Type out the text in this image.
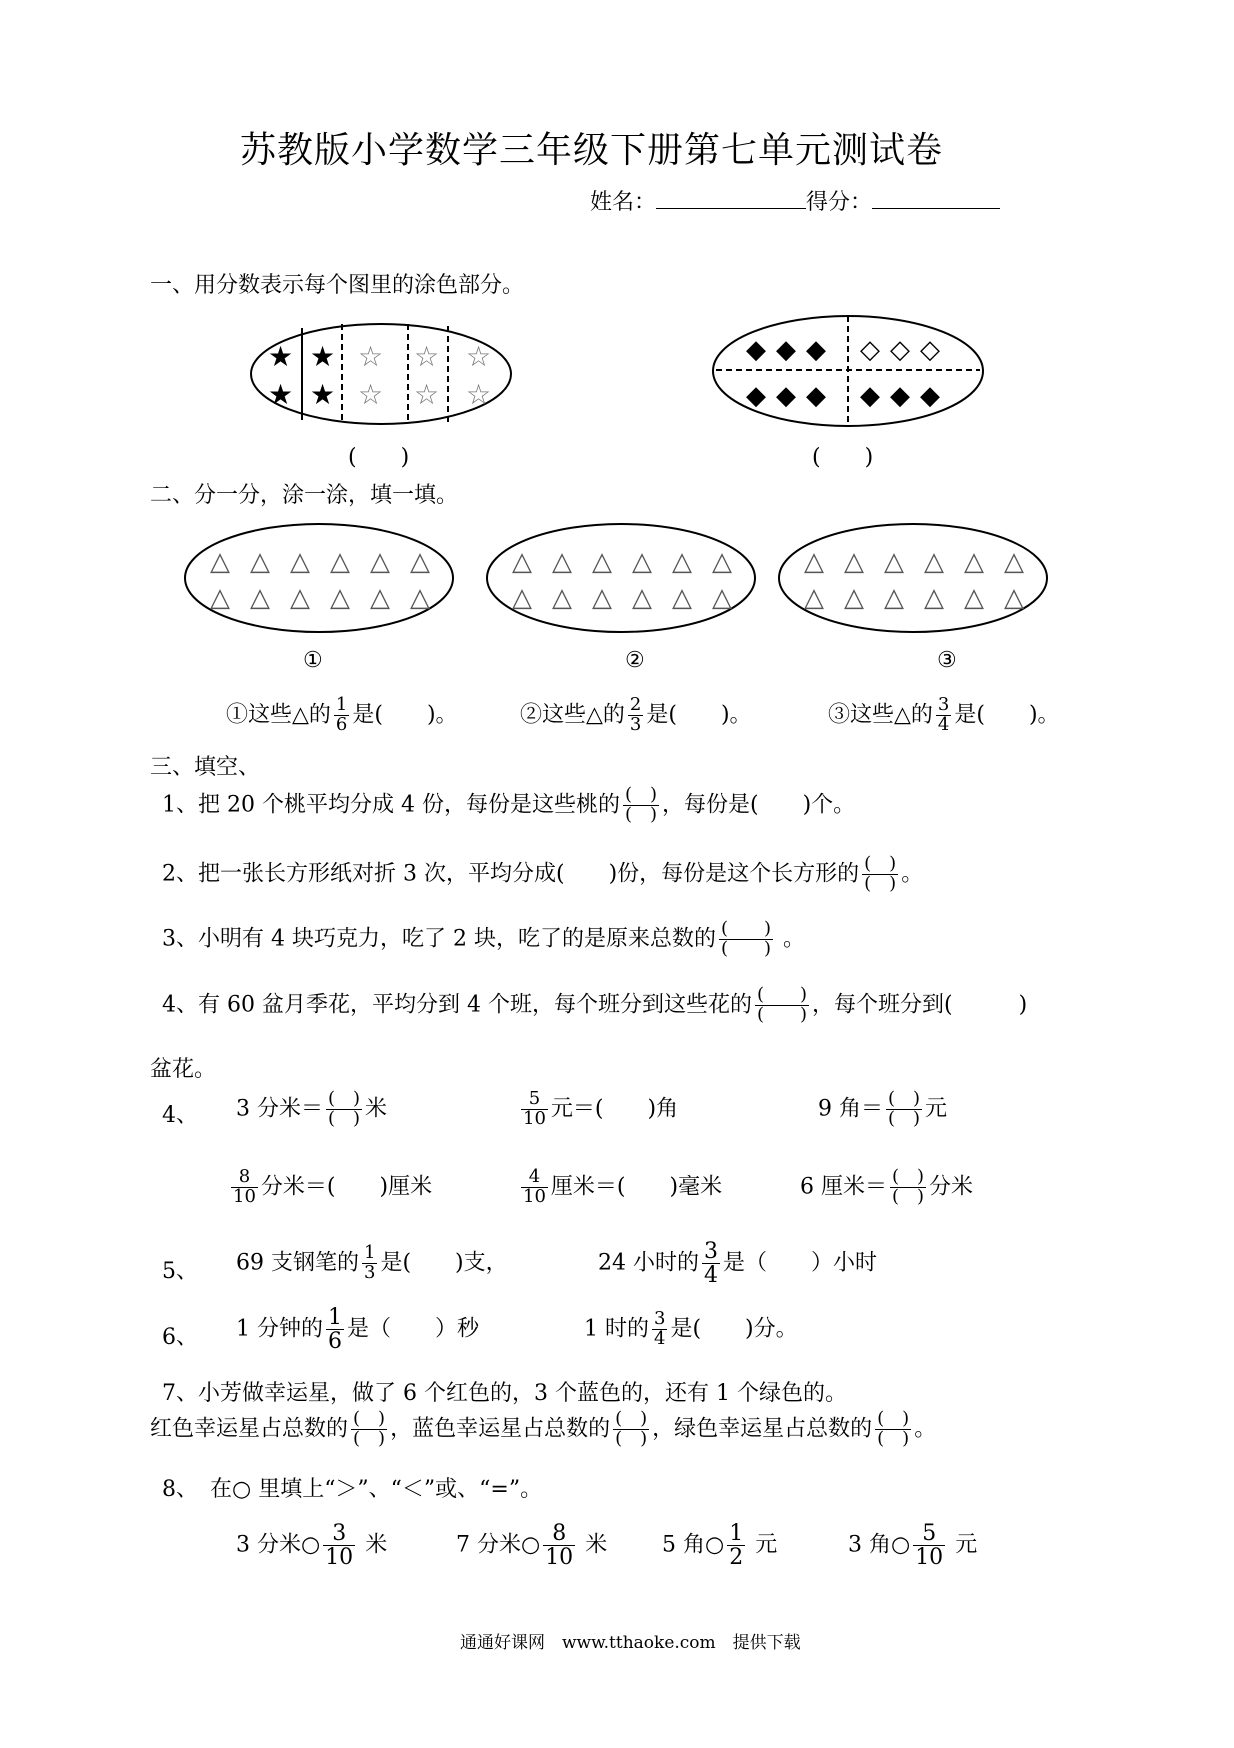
苏教版小学数学三年级下册第七单元测试卷
姓名：	得分：
一、用分数表示每个图里的涂色部分。
★
★
★
★
☆
☆
☆
☆
☆
☆
(　　)
◆ ◆ ◆ ◇ ◇ ◇
◆ ◆ ◆ ◆ ◆ ◆
(　　)
二、分一分，涂一涂，填一填。
△ △ △ △ △ △
△ △ △ △ △ △
△ △ △ △ △ △
△ △ △ △ △ △
△ △ △ △ △ △
△ △ △ △ △ △
①	②	③
①这些△的 $\frac{1}{6}$ 是(　　)。	②这些△的 $\frac{2}{3}$ 是(　　)。	③这些△的 $\frac{3}{4}$ 是(　　)。
三、填空、
1、把 20 个桃平均分成 4 份，每份是这些桃的 $\frac{( )}{( )}$ ，每份是(　　)个。
2、把一张长方形纸对折 3 次，平均分成(　　)份，每份是这个长方形的 $\frac{( )}{( )}$ 。
3、小明有 4 块巧克力，吃了 2 块，吃了的是原来总数的 $\frac{( )}{( )}$ 。
4、有 60 盆月季花，平均分到 4 个班，每个班分到这些花的 $\frac{( )}{( )}$ ，每个班分到(　　　)
盆花。
4、 3 分米＝ $\frac{( )}{( )}$ 米	$\frac{5}{10}$ 元＝(　　)角	9 角＝ $\frac{( )}{( )}$ 元
$\frac{8}{10}$ 分米＝(　　)厘米	$\frac{4}{10}$ 厘米＝(　　)毫米	6 厘米＝ $\frac{( )}{( )}$ 分米
5、 69 支钢笔的 $\frac{1}{3}$ 是(　　)支，	24 小时的 $\frac{3}{4}$ 是（　　）小时
6、 1 分钟的 $\frac{1}{6}$ 是（　　）秒	1 时的 $\frac{3}{4}$ 是(　　)分。
7、小芳做幸运星，做了 6 个红色的，3 个蓝色的，还有 1 个绿色的。
红色幸运星占总数的 $\frac{( )}{( )}$ ，蓝色幸运星占总数的 $\frac{( )}{( )}$ ，绿色幸运星占总数的 $\frac{( )}{( )}$ 。
8、 在○ 里填上“＞”、“＜”或、“=”。
3 分米○ $\frac{3}{10}$ 米	7 分米○ $\frac{8}{10}$ 米 5 角○ $\frac{1}{2}$ 元	3 角○ $\frac{5}{10}$ 元
通通好课网　www.tthaoke.com　提供下载
